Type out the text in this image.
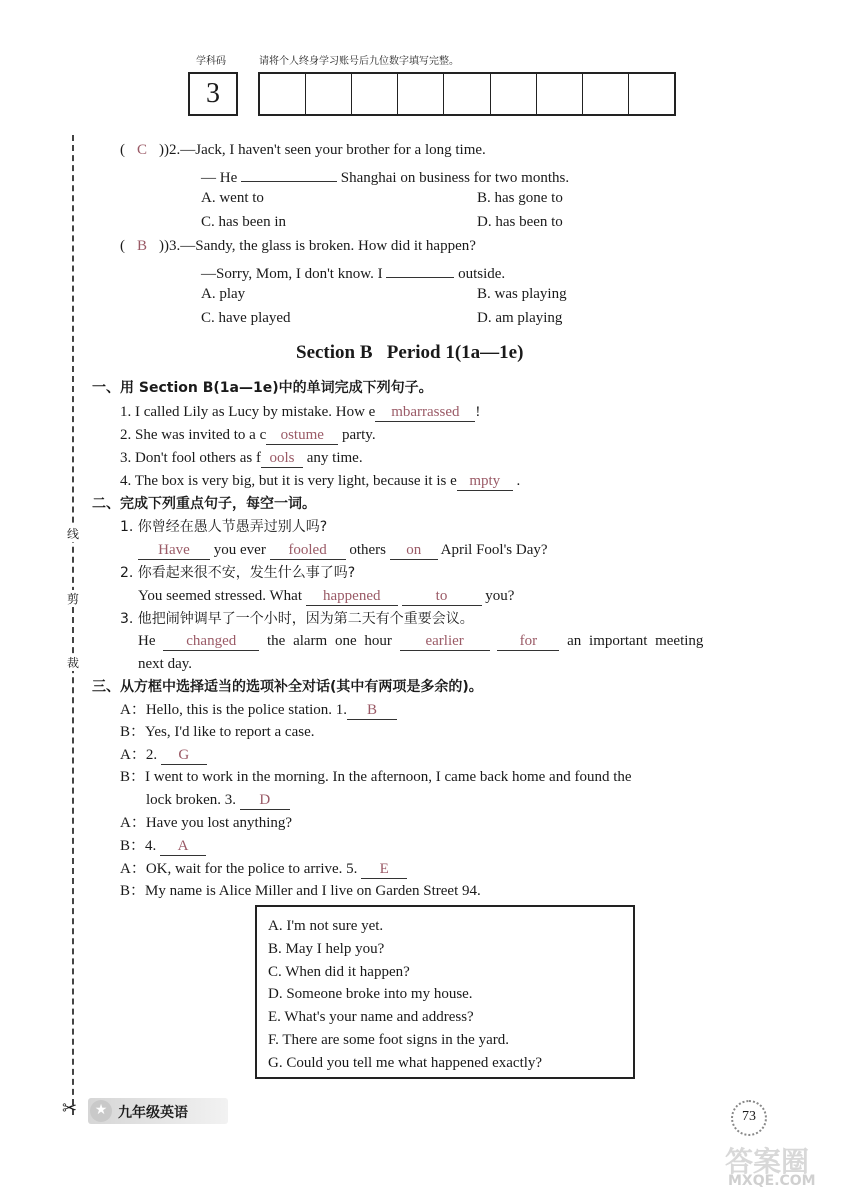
学科码	请将个人终身学习账号后九位数字填写完整。
3
线
剪
裁
✂
( C ))2.—Jack, I haven't seen your brother for a long time.
— He	Shanghai on business for two months.
A. went to	B. has gone to
C. has been in	D. has been to
( B ))3.—Sandy, the glass is broken. How did it happen?
—Sorry, Mom, I don't know. I	outside.
A. play	B. was playing
C. have played	D. am playing
Section B   Period 1(1a—1e)
一、用 Section B(1a—1e)中的单词完成下列句子。
1. I called Lily as Lucy by mistake. How e mbarrassed !
2. She was invited to a c ostume party.
3. Don't fool others as f ools any time.
4. The box is very big, but it is very light, because it is e mpty .
二、完成下列重点句子，每空一词。
1. 你曾经在愚人节愚弄过别人吗?
Have you ever fooled others on April Fool's Day?
2. 你看起来很不安，发生什么事了吗?
You seemed stressed. What happened	to	you?
3. 他把闹钟调早了一个小时，因为第二天有个重要会议。
He changed the alarm one hour earlier	for an important meeting
next day.
三、从方框中选择适当的选项补全对话(其中有两项是多余的)。
A：Hello, this is the police station. 1. B
B：Yes, I'd like to report a case.
A：2. G
B：I went to work in the morning. In the afternoon, I came back home and found the
lock broken. 3. D
A：Have you lost anything?
B：4. A
A：OK, wait for the police to arrive. 5. E
B：My name is Alice Miller and I live on Garden Street 94.
A. I'm not sure yet.
B. May I help you?
C. When did it happen?
D. Someone broke into my house.
E. What's your name and address?
F. There are some foot signs in the yard.
G. Could you tell me what happened exactly?
★ 九年级英语	73
答案圈
MXQE.COM
